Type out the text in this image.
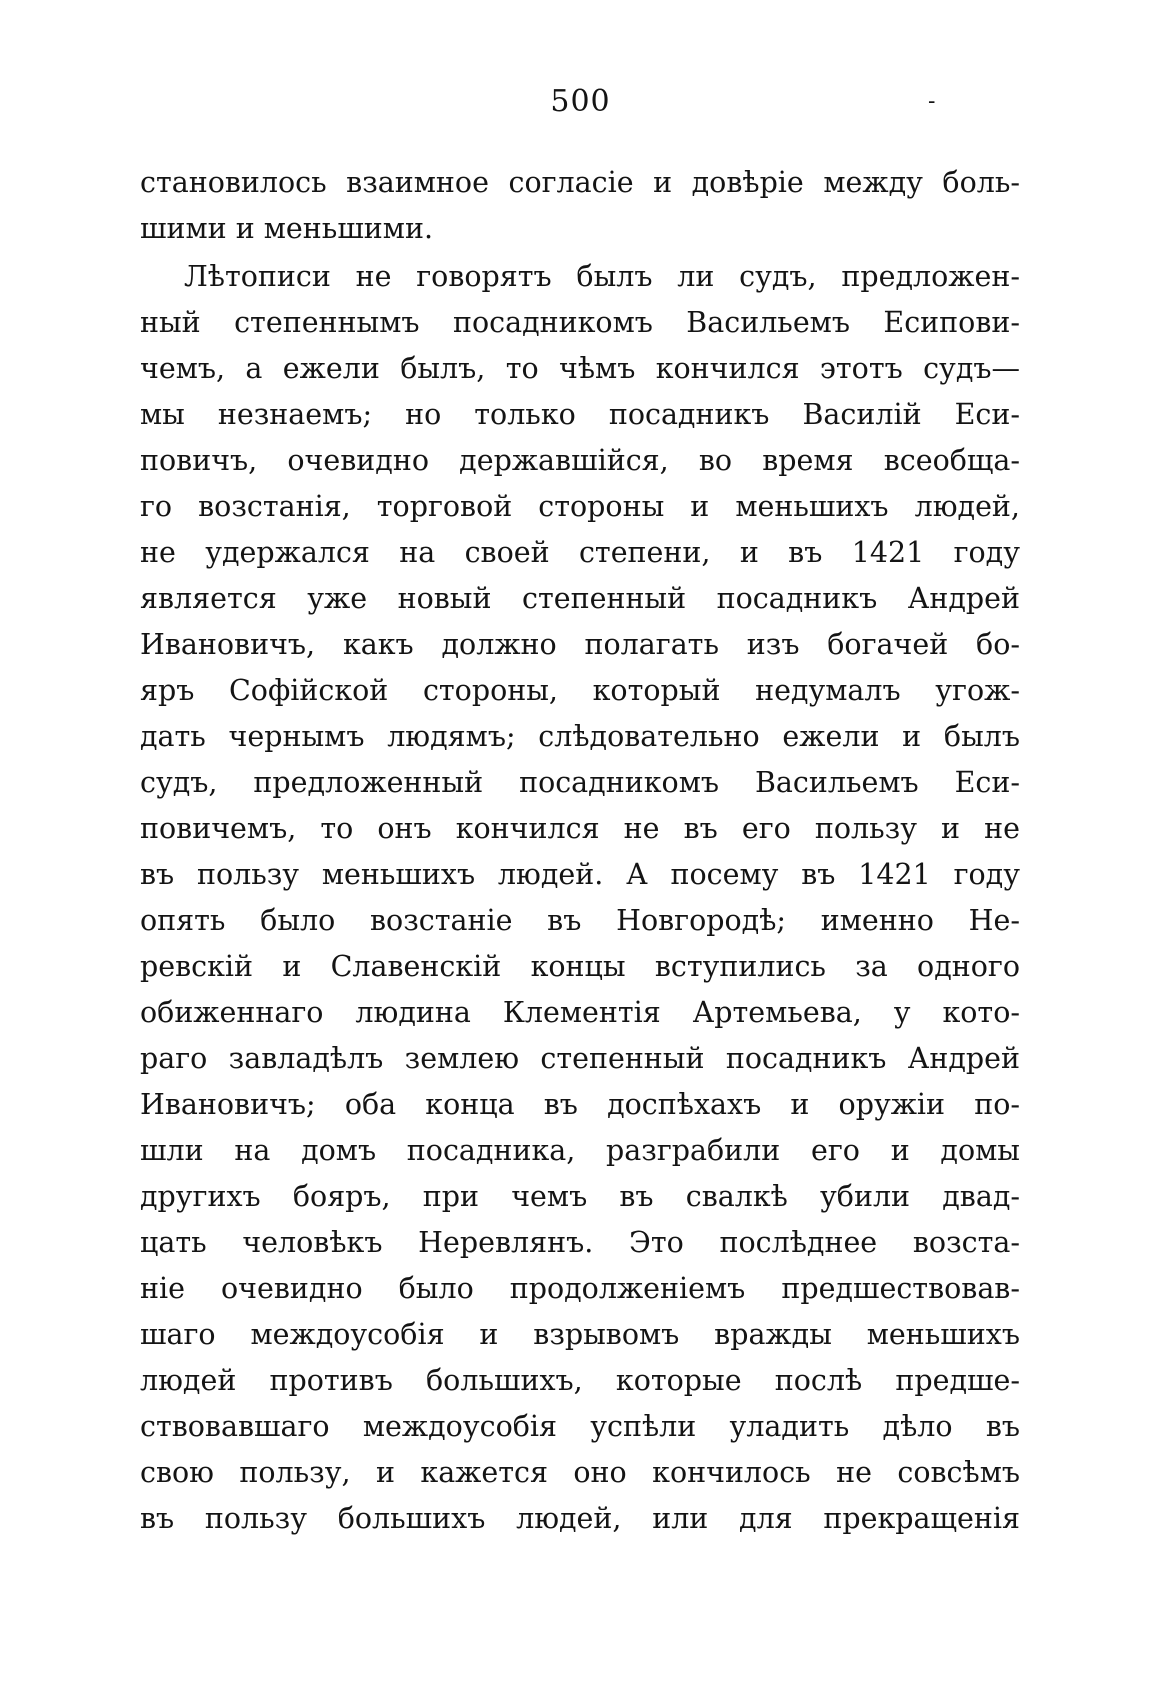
500	-
становилось взаимное согласіе и довѣріе между боль-
шими и меньшими.
Лѣтописи не говорятъ былъ ли судъ, предложен-
ный степеннымъ посадникомъ Васильемъ Есипови-
чемъ, а ежели былъ, то чѣмъ кончился этотъ судъ—
мы незнаемъ; но только посадникъ Василій Еси-
повичъ, очевидно державшійся, во время всеобща-
го возстанія, торговой стороны и меньшихъ людей,
не удержался на своей степени, и въ 1421 году
является уже новый степенный посадникъ Андрей
Ивановичъ, какъ должно полагать изъ богачей бо-
яръ Софійской стороны, который недумалъ угож-
дать чернымъ людямъ; слѣдовательно ежели и былъ
судъ, предложенный посадникомъ Васильемъ Еси-
повичемъ, то онъ кончился не въ его пользу и не
въ пользу меньшихъ людей. А посему въ 1421 году
опять было возстаніе въ Новгородѣ; именно Не-
ревскій и Славенскій концы вступились за одного
обиженнаго людина Клементія Артемьева, у кото-
раго завладѣлъ землею степенный посадникъ Андрей
Ивановичъ; оба конца въ доспѣхахъ и оружіи по-
шли на домъ посадника, разграбили его и домы
другихъ бояръ, при чемъ въ свалкѣ убили двад-
цать человѣкъ Неревлянъ. Это послѣднее возста-
ніе очевидно было продолженіемъ предшествовав-
шаго междоусобія и взрывомъ вражды меньшихъ
людей противъ большихъ, которые послѣ предше-
ствовавшаго междоусобія успѣли уладить дѣло въ
свою пользу, и кажется оно кончилось не совсѣмъ
въ пользу большихъ людей, или для прекращенія
